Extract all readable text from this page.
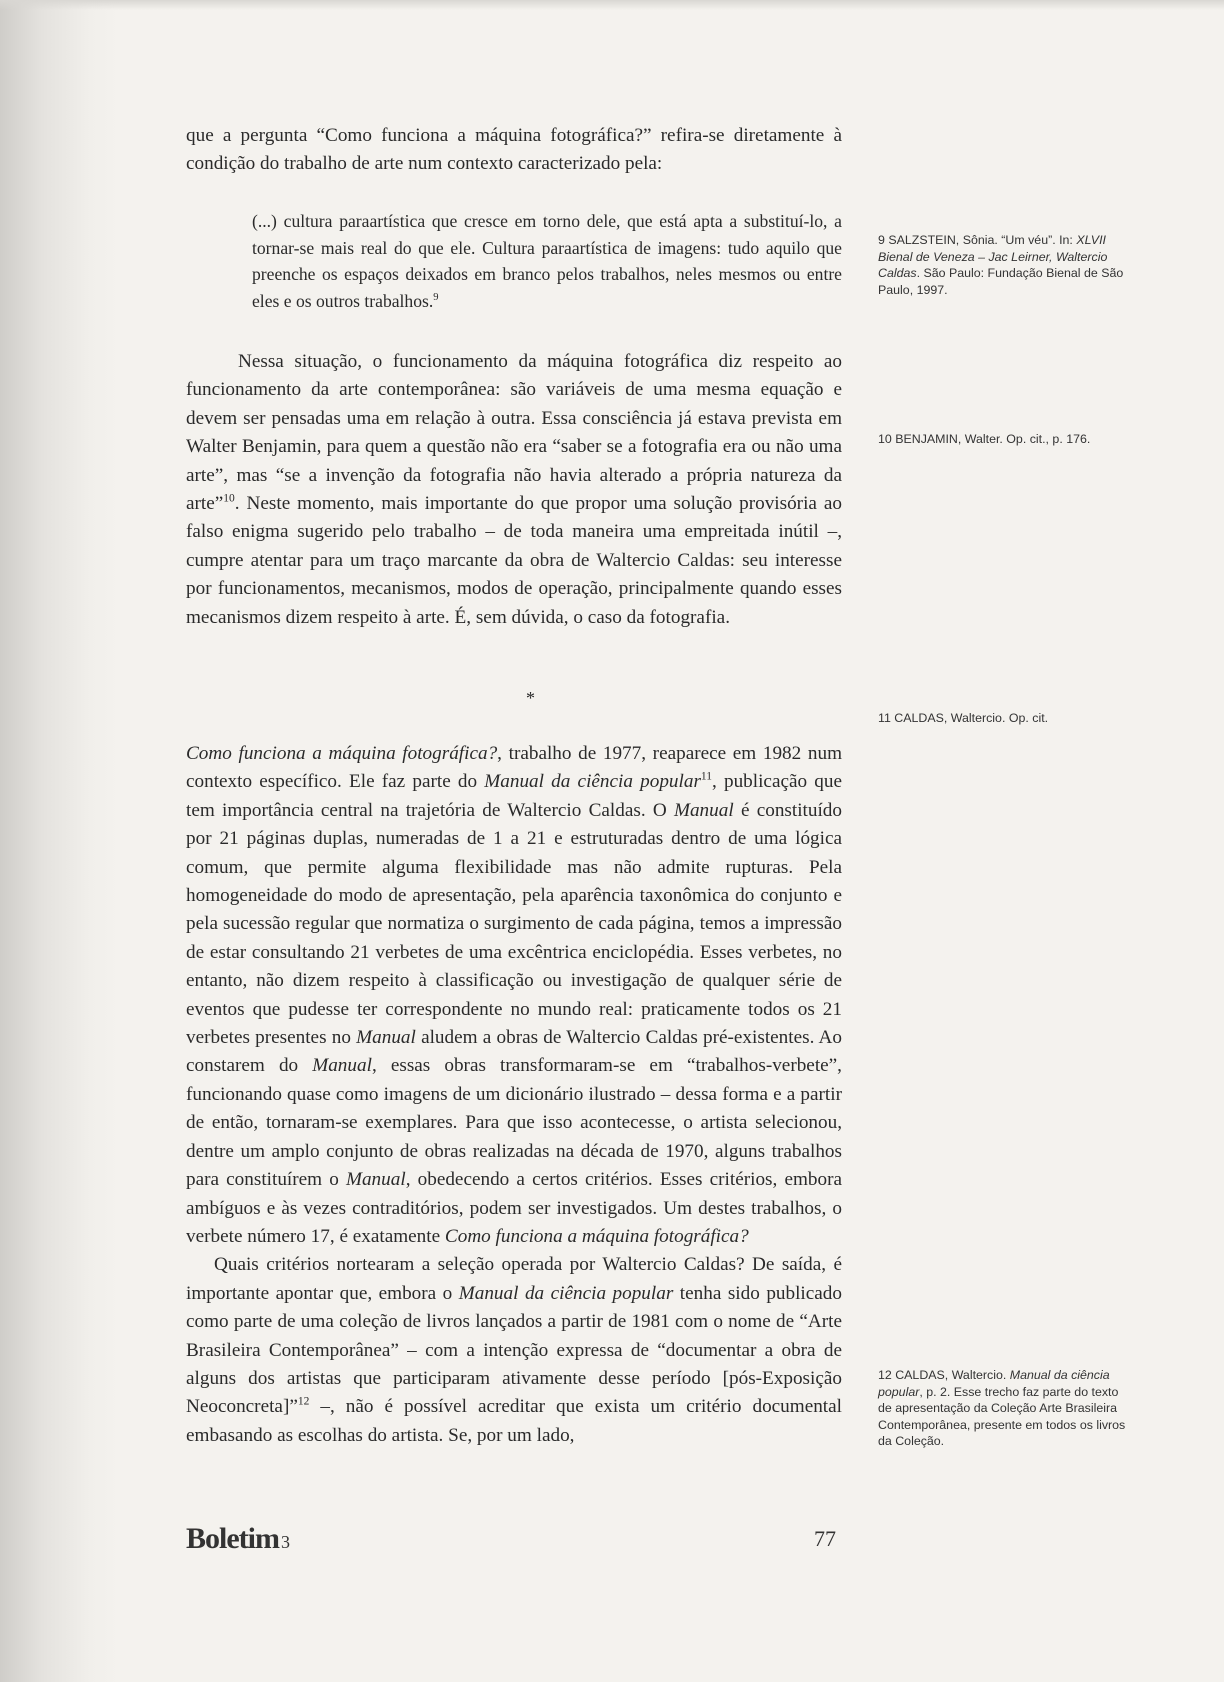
que a pergunta “Como funciona a máquina fotográfica?” refira-se diretamente à condição do trabalho de arte num contexto caracterizado pela:

(...) cultura paraartística que cresce em torno dele, que está apta a substituí-lo, a tornar-se mais real do que ele. Cultura paraartística de imagens: tudo aquilo que preenche os espaços deixados em branco pelos trabalhos, neles mesmos ou entre eles e os outros trabalhos.$^9$

Nessa situação, o funcionamento da máquina fotográfica diz respeito ao funcionamento da arte contemporânea: são variáveis de uma mesma equação e devem ser pensadas uma em relação à outra. Essa consciência já estava prevista em Walter Benjamin, para quem a questão não era “saber se a fotografia era ou não uma arte”, mas “se a invenção da fotografia não havia alterado a própria natureza da arte”$^{10}$. Neste momento, mais importante do que propor uma solução provisória ao falso enigma sugerido pelo trabalho – de toda maneira uma empreitada inútil –, cumpre atentar para um traço marcante da obra de Waltercio Caldas: seu interesse por funcionamentos, mecanismos, modos de operação, principalmente quando esses mecanismos dizem respeito à arte. É, sem dúvida, o caso da fotografia.

*

Como funciona a máquina fotográfica?, trabalho de 1977, reaparece em 1982 num contexto específico. Ele faz parte do Manual da ciência popular$^{11}$, publicação que tem importância central na trajetória de Waltercio Caldas. O Manual é constituído por 21 páginas duplas, numeradas de 1 a 21 e estruturadas dentro de uma lógica comum, que permite alguma flexibilidade mas não admite rupturas. Pela homogeneidade do modo de apresentação, pela aparência taxonômica do conjunto e pela sucessão regular que normatiza o surgimento de cada página, temos a impressão de estar consultando 21 verbetes de uma excêntrica enciclopédia. Esses verbetes, no entanto, não dizem respeito à classificação ou investigação de qualquer série de eventos que pudesse ter correspondente no mundo real: praticamente todos os 21 verbetes presentes no Manual aludem a obras de Waltercio Caldas pré-existentes. Ao constarem do Manual, essas obras transformaram-se em “trabalhos-verbete”, funcionando quase como imagens de um dicionário ilustrado – dessa forma e a partir de então, tornaram-se exemplares. Para que isso acontecesse, o artista selecionou, dentre um amplo conjunto de obras realizadas na década de 1970, alguns trabalhos para constituírem o Manual, obedecendo a certos critérios. Esses critérios, embora ambíguos e às vezes contraditórios, podem ser investigados. Um destes trabalhos, o verbete número 17, é exatamente Como funciona a máquina fotográfica?

Quais critérios nortearam a seleção operada por Waltercio Caldas? De saída, é importante apontar que, embora o Manual da ciência popular tenha sido publicado como parte de uma coleção de livros lançados a partir de 1981 com o nome de “Arte Brasileira Contemporânea” – com a intenção expressa de “documentar a obra de alguns dos artistas que participaram ativamente desse período [pós-Exposição Neoconcreta]”$^{12}$ –, não é possível acreditar que exista um critério documental embasando as escolhas do artista. Se, por um lado,

9 SALZSTEIN, Sônia. “Um véu”. In: XLVII Bienal de Veneza – Jac Leirner, Waltercio Caldas. São Paulo: Fundação Bienal de São Paulo, 1997.
10 BENJAMIN, Walter. Op. cit., p. 176.
11 CALDAS, Waltercio. Op. cit.
12 CALDAS, Waltercio. Manual da ciência popular, p. 2. Esse trecho faz parte do texto de apresentação da Coleção Arte Brasileira Contemporânea, presente em todos os livros da Coleção.
Boletim 3	77
